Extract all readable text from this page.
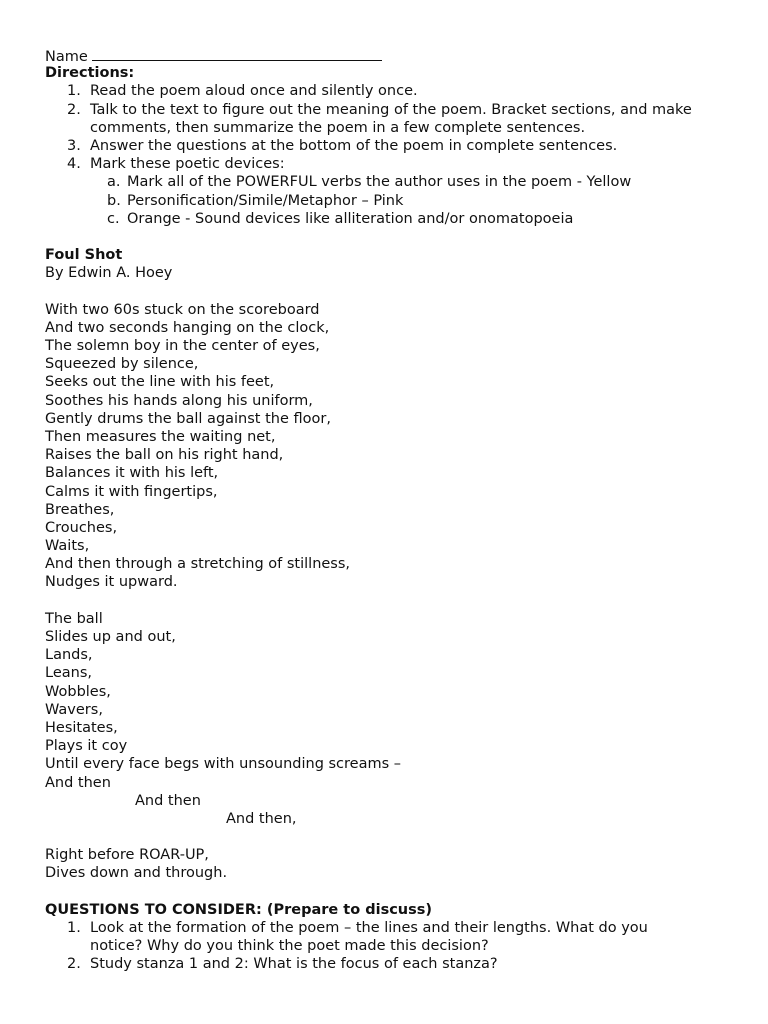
Name
Directions:
1. Read the poem aloud once and silently once.
2. Talk to the text to figure out the meaning of the poem. Bracket sections, and make
comments, then summarize the poem in a few complete sentences.
3. Answer the questions at the bottom of the poem in complete sentences.
4. Mark these poetic devices:
a. Mark all of the POWERFUL verbs the author uses in the poem - Yellow
b. Personification/Simile/Metaphor – Pink
c. Orange - Sound devices like alliteration and/or onomatopoeia
Foul Shot
By Edwin A. Hoey
With two 60s stuck on the scoreboard
And two seconds hanging on the clock,
The solemn boy in the center of eyes,
Squeezed by silence,
Seeks out the line with his feet,
Soothes his hands along his uniform,
Gently drums the ball against the floor,
Then measures the waiting net,
Raises the ball on his right hand,
Balances it with his left,
Calms it with fingertips,
Breathes,
Crouches,
Waits,
And then through a stretching of stillness,
Nudges it upward.
The ball
Slides up and out,
Lands,
Leans,
Wobbles,
Wavers,
Hesitates,
Plays it coy
Until every face begs with unsounding screams –
And then
And then
And then,
Right before ROAR-UP,
Dives down and through.
QUESTIONS TO CONSIDER: (Prepare to discuss)
1. Look at the formation of the poem – the lines and their lengths. What do you
notice? Why do you think the poet made this decision?
2. Study stanza 1 and 2: What is the focus of each stanza?
